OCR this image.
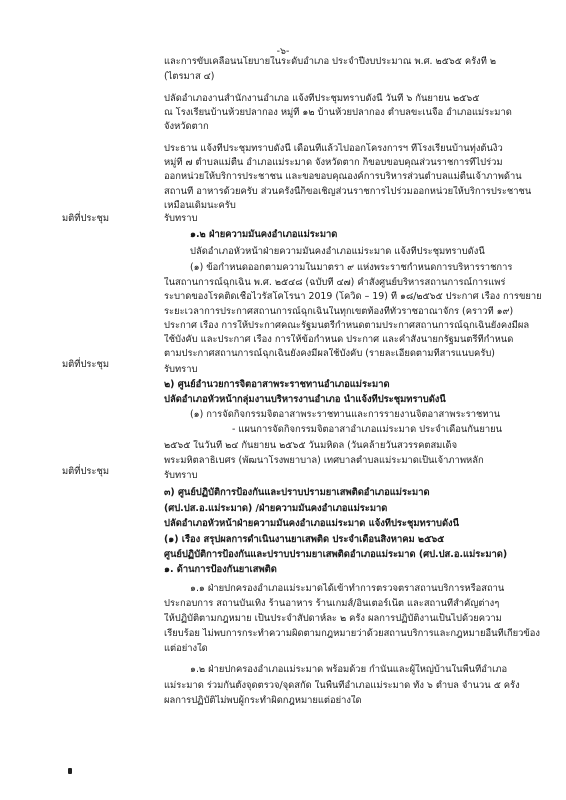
-๖-
และการขับเคลื่อนนโยบายในระดับอำเภอ ประจำปีงบประมาณ พ.ศ. ๒๕๖๕ ครั้งที่ ๒
(ไตรมาส ๔)
ปลัดอำเภองานสำนักงานอำเภอ แจ้งที่ประชุมทราบดังนี้ วันที่ ๖ กันยายน ๒๕๖๕
ณ โรงเรียนบ้านห้วยปลากอง หมู่ที่ ๑๒ บ้านห้วยปลากอง ตำบลขะเนจื้อ อำเภอแม่ระมาด
จังหวัดตาก
ประธาน แจ้งที่ประชุมทราบดังนี้ เดือนที่แล้วไปออกโครงการฯ ที่โรงเรียนบ้านทุ่งต้นงิ้ว
หมู่ที่ ๗ ตำบลแม่ตื่น อำเภอแม่ระมาด จังหวัดตาก ก็ขอบขอบคุณส่วนราชการที่ไปร่วม
ออกหน่วยให้บริการประชาชน และขอขอบคุณองค์การบริหารส่วนตำบลแม่ตื่นเจ้าภาพด้าน
สถานที่ อาหารด้วยครับ ส่วนครั้งนี้ก็ขอเชิญส่วนราชการไปร่วมออกหน่วยให้บริการประชาชน
เหมือนเดิมนะครับ
มติที่ประชุม	รับทราบ
๑.๒ ฝ่ายความมั่นคงอำเภอแม่ระมาด
ปลัดอำเภอหัวหน้าฝ่ายความมั่นคงอำเภอแม่ระมาด แจ้งที่ประชุมทราบดังนี้
(๑) ข้อกำหนดออกตามความในมาตรา ๙ แห่งพระราชกำหนดการบริหารราชการ
ในสถานการณ์ฉุกเฉิน พ.ศ. ๒๕๔๘ (ฉบับที่ ๔๗) คำสั่งศูนย์บริหารสถานการณ์การแพร่
ระบาดของโรคติดเชื้อไวรัสโคโรนา 2019 (โควิด – 19) ที่ ๑๘/๒๕๖๕ ประกาศ เรื่อง การขยาย
ระยะเวลาการประกาศสถานการณ์ฉุกเฉินในทุกเขตท้องที่ทั่วราชอาณาจักร (คราวที่ ๑๙)
ประกาศ เรื่อง การให้ประกาศคณะรัฐมนตรีกำหนดตามประกาศสถานการณ์ฉุกเฉินยังคงมีผล
ใช้บังคับ และประกาศ เรื่อง การให้ข้อกำหนด ประกาศ และคำสั่งนายกรัฐมนตรีที่กำหนด
ตามประกาศสถานการณ์ฉุกเฉินยังคงมีผลใช้บังคับ (รายละเอียดตามที่สารแนบครับ)
มติที่ประชุม	รับทราบ
๒) ศูนย์อำนวยการจิตอาสาพระราชทานอำเภอแม่ระมาด
ปลัดอำเภอหัวหน้ากลุ่มงานบริหารงานอำเภอ นำแจ้งที่ประชุมทราบดังนี้
(๑) การจัดกิจกรรมจิตอาสาพระราชทานและการรายงานจิตอาสาพระราชทาน
- แผนการจัดกิจกรรมจิตอาสาอำเภอแม่ระมาด ประจำเดือนกันยายน
๒๕๖๕ ในวันที่ ๒๔ กันยายน ๒๕๖๕ วันมหิดล (วันคล้ายวันสวรรคตสมเด็จ
พระมหิตลาธิเบศร (พัฒนาโรงพยาบาล) เทศบาลตำบลแม่ระมาดเป็นเจ้าภาพหลัก
มติที่ประชุม	รับทราบ
๓) ศูนย์ปฏิบัติการป้องกันและปราบปรามยาเสพติดอำเภอแม่ระมาด
(ศป.ปส.อ.แม่ระมาด) /ฝ่ายความมั่นคงอำเภอแม่ระมาด
ปลัดอำเภอหัวหน้าฝ่ายความมั่นคงอำเภอแม่ระมาด แจ้งที่ประชุมทราบดังนี้
(๑) เรื่อง สรุปผลการดำเนินงานยาเสพติด ประจำเดือนสิงหาคม ๒๕๖๕
ศูนย์ปฏิบัติการป้องกันและปราบปรามยาเสพติดอำเภอแม่ระมาด (ศป.ปส.อ.แม่ระมาด)
๑. ด้านการป้องกันยาเสพติด
๑.๑ ฝ่ายปกครองอำเภอแม่ระมาดได้เข้าทำการตรวจตราสถานบริการหรือสถาน
ประกอบการ สถานบันเทิง ร้านอาหาร ร้านเกมส์/อินเตอร์เน็ต และสถานที่สำคัญต่างๆ
ให้ปฏิบัติตามกฎหมาย เป็นประจำสัปดาห์ละ ๒ ครั้ง ผลการปฏิบัติงานเป็นไปด้วยความ
เรียบร้อย ไม่พบการกระทำความผิดตามกฎหมายว่าด้วยสถานบริการและกฎหมายอื่นที่เกี่ยวข้อง
แต่อย่างใด
๑.๒ ฝ่ายปกครองอำเภอแม่ระมาด พร้อมด้วย กำนันและผู้ใหญ่บ้านในพื้นที่อำเภอ
แม่ระมาด ร่วมกันตั้งจุดตรวจ/จุดสกัด ในพื้นที่อำเภอแม่ระมาด ทั้ง ๖ ตำบล จำนวน ๕ ครั้ง
ผลการปฏิบัติไม่พบผู้กระทำผิดกฎหมายแต่อย่างใด
